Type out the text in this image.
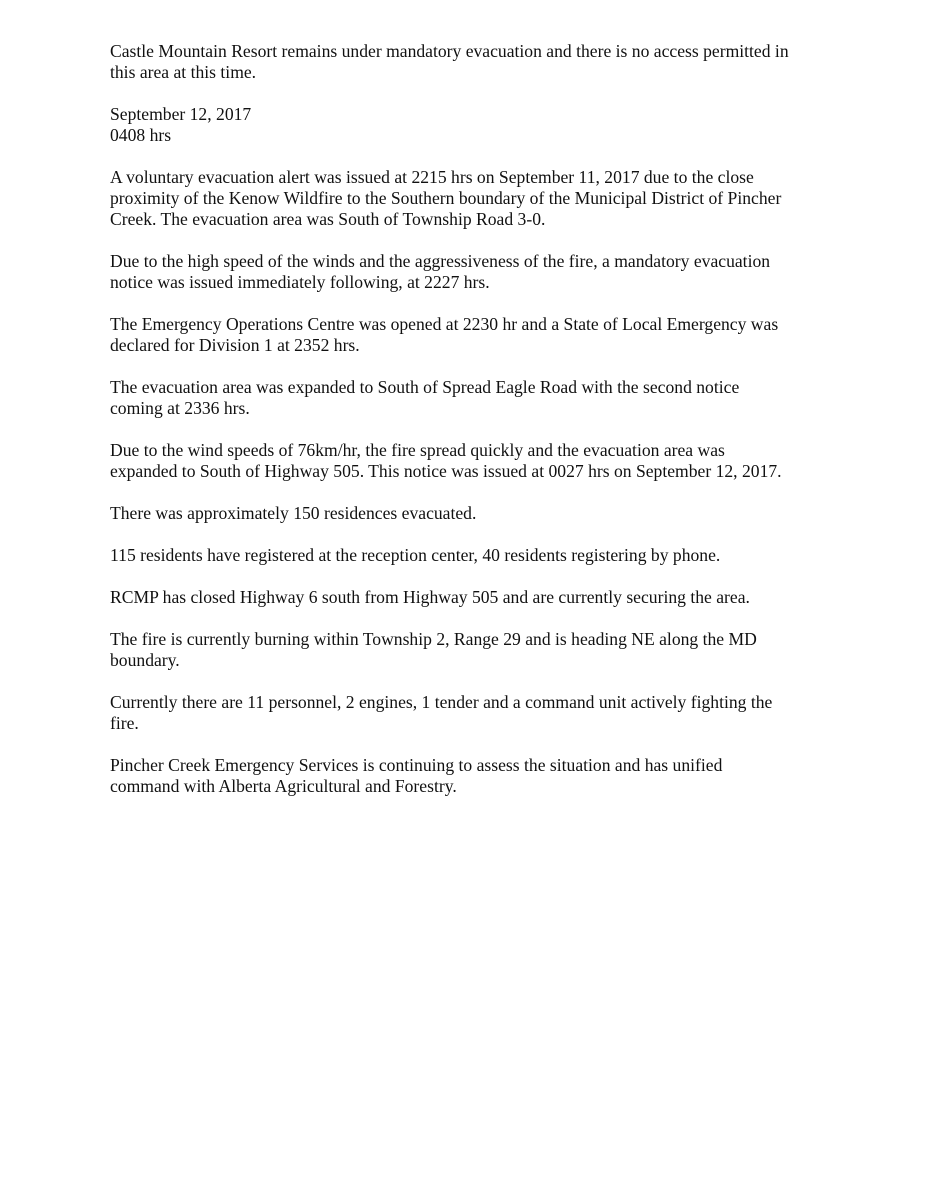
Castle Mountain Resort remains under mandatory evacuation and there is no access permitted in
this area at this time.

September 12, 2017
0408 hrs

A voluntary evacuation alert was issued at 2215 hrs on September 11, 2017 due to the close
proximity of the Kenow Wildfire to the Southern boundary of the Municipal District of Pincher
Creek. The evacuation area was South of Township Road 3-0.

Due to the high speed of the winds and the aggressiveness of the fire, a mandatory evacuation
notice was issued immediately following, at 2227 hrs.

The Emergency Operations Centre was opened at 2230 hr and a State of Local Emergency was
declared for Division 1 at 2352 hrs.

The evacuation area was expanded to South of Spread Eagle Road with the second notice
coming at 2336 hrs.

Due to the wind speeds of 76km/hr, the fire spread quickly and the evacuation area was
expanded to South of Highway 505. This notice was issued at 0027 hrs on September 12, 2017.

There was approximately 150 residences evacuated.

115 residents have registered at the reception center, 40 residents registering by phone.

RCMP has closed Highway 6 south from Highway 505 and are currently securing the area.

The fire is currently burning within Township 2, Range 29 and is heading NE along the MD
boundary.

Currently there are 11 personnel, 2 engines, 1 tender and a command unit actively fighting the
fire.

Pincher Creek Emergency Services is continuing to assess the situation and has unified
command with Alberta Agricultural and Forestry.
